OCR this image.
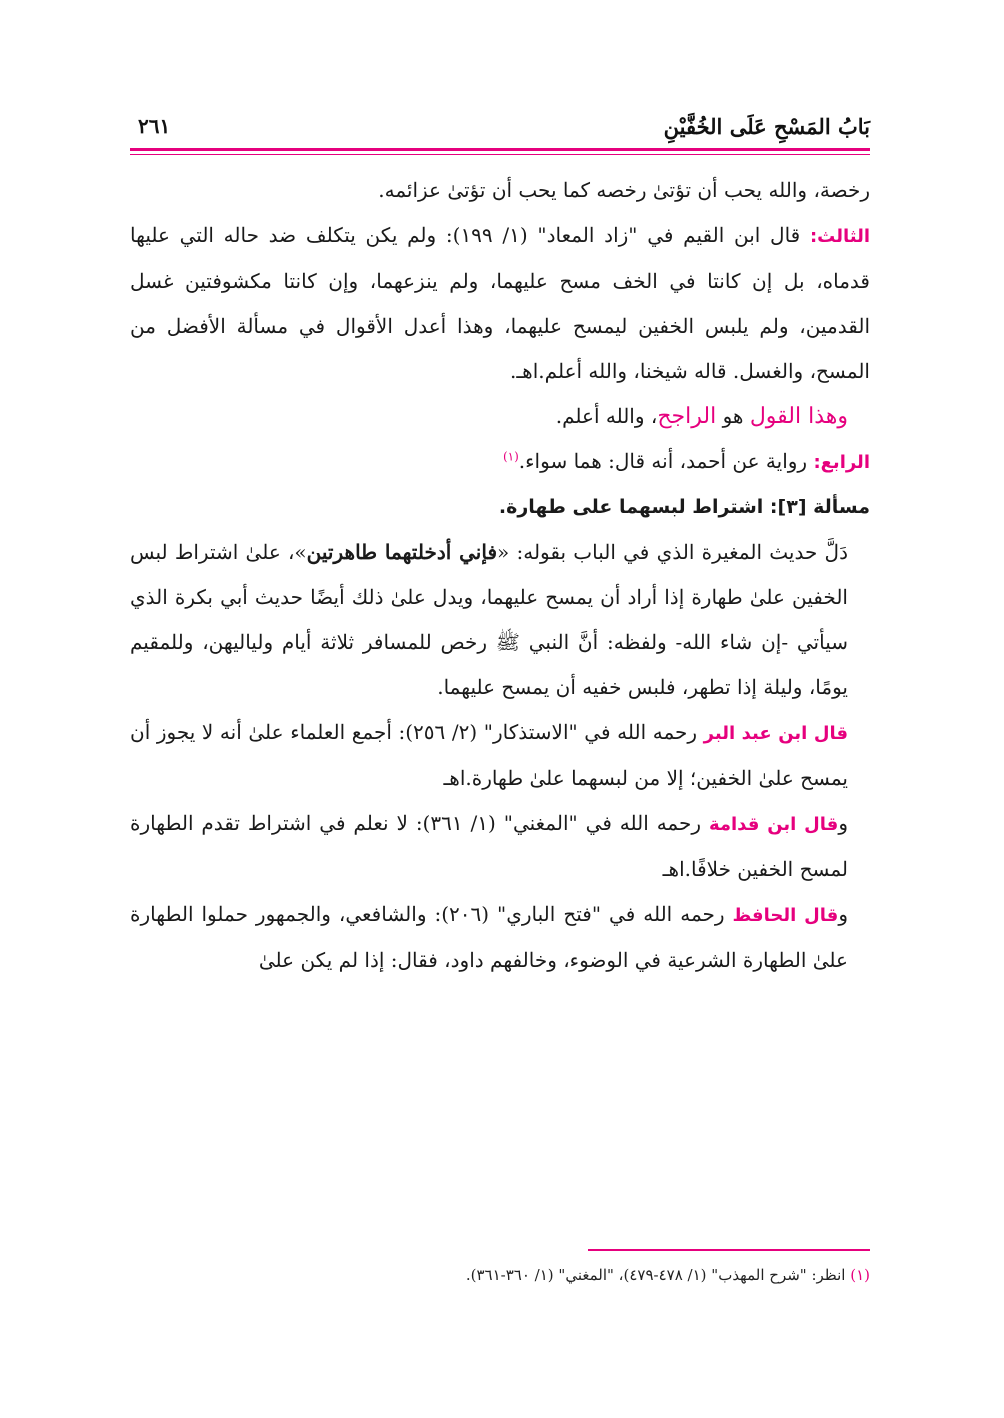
بَابُ المَسْحِ عَلَى الخُفَّيْنِ
٢٦١

رخصة، والله يحب أن تؤتىٰ رخصه كما يحب أن تؤتىٰ عزائمه.

الثالث: قال ابن القيم في "زاد المعاد" (١/ ١٩٩): ولم يكن يتكلف ضد حاله التي عليها قدماه، بل إن كانتا في الخف مسح عليهما، ولم ينزعهما، وإن كانتا مكشوفتين غسل القدمين، ولم يلبس الخفين ليمسح عليهما، وهذا أعدل الأقوال في مسألة الأفضل من المسح، والغسل. قاله شيخنا، والله أعلم.اهـ.

وهذا القول هو الراجح، والله أعلم.

الرابع: رواية عن أحمد، أنه قال: هما سواء.$^{(١)}$

مسألة [٣]: اشتراط لبسهما على طهارة.

دَلَّ حديث المغيرة الذي في الباب بقوله: «فإني أدخلتهما طاهرتين»، علىٰ اشتراط لبس الخفين علىٰ طهارة إذا أراد أن يمسح عليهما، ويدل علىٰ ذلك أيضًا حديث أبي بكرة الذي سيأتي -إن شاء الله- ولفظه: أنَّ النبي ﷺ رخص للمسافر ثلاثة أيام ولياليهن، وللمقيم يومًا، وليلة إذا تطهر، فلبس خفيه أن يمسح عليهما.

قال ابن عبد البر رحمه الله في "الاستذكار" (٢/ ٢٥٦): أجمع العلماء علىٰ أنه لا يجوز أن يمسح علىٰ الخفين؛ إلا من لبسهما علىٰ طهارة.اهـ

وقال ابن قدامة رحمه الله في "المغني" (١/ ٣٦١): لا نعلم في اشتراط تقدم الطهارة لمسح الخفين خلافًا.اهـ

وقال الحافظ رحمه الله في "فتح الباري" (٢٠٦): والشافعي، والجمهور حملوا الطهارة علىٰ الطهارة الشرعية في الوضوء، وخالفهم داود، فقال: إذا لم يكن علىٰ

(١) انظر: "شرح المهذب" (١/ ٤٧٨-٤٧٩)، "المغني" (١/ ٣٦٠-٣٦١).
